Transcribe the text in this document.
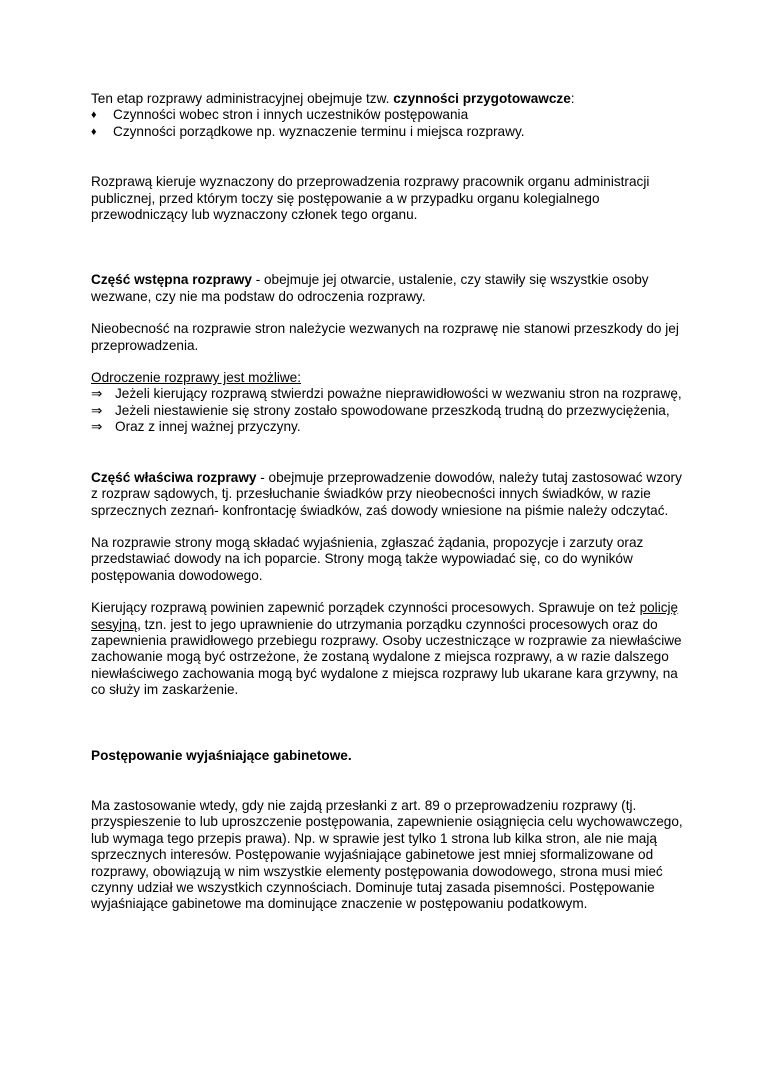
Ten etap rozprawy administracyjnej obejmuje tzw. czynności przygotowawcze:

♦	Czynności wobec stron i innych uczestników postępowania
♦	Czynności porządkowe np. wyznaczenie terminu i miejsca rozprawy.

Rozprawą kieruje wyznaczony do przeprowadzenia rozprawy pracownik organu administracji publicznej, przed którym toczy się postępowanie a w przypadku organu kolegialnego przewodniczący lub wyznaczony członek tego organu.

Część wstępna rozprawy - obejmuje jej otwarcie, ustalenie, czy stawiły się wszystkie osoby wezwane, czy nie ma podstaw do odroczenia rozprawy.

Nieobecność na rozprawie stron należycie wezwanych na rozprawę nie stanowi przeszkody do jej przeprowadzenia.

Odroczenie rozprawy jest możliwe:

⇒ Jeżeli kierujący rozprawą stwierdzi poważne nieprawidłowości w wezwaniu stron na rozprawę,

⇒ Jeżeli niestawienie się strony zostało spowodowane przeszkodą trudną do przezwyciężenia,

⇒ Oraz z innej ważnej przyczyny.

Część właściwa rozprawy - obejmuje przeprowadzenie dowodów, należy tutaj zastosować wzory z rozpraw sądowych, tj. przesłuchanie świadków przy nieobecności innych świadków, w razie sprzecznych zeznań- konfrontację świadków, zaś dowody wniesione na piśmie należy odczytać.

Na rozprawie strony mogą składać wyjaśnienia, zgłaszać żądania, propozycje i zarzuty oraz przedstawiać dowody na ich poparcie. Strony mogą także wypowiadać się, co do wyników postępowania dowodowego.

Kierujący rozprawą powinien zapewnić porządek czynności procesowych. Sprawuje on też policję sesyjną, tzn. jest to jego uprawnienie do utrzymania porządku czynności procesowych oraz do zapewnienia prawidłowego przebiegu rozprawy. Osoby uczestniczące w rozprawie za niewłaściwe zachowanie mogą być ostrzeżone, że zostaną wydalone z miejsca rozprawy, a w razie dalszego niewłaściwego zachowania mogą być wydalone z miejsca rozprawy lub ukarane kara grzywny, na co służy im zaskarżenie.

Postępowanie wyjaśniające gabinetowe.

Ma zastosowanie wtedy, gdy nie zajdą przesłanki z art. 89 o przeprowadzeniu rozprawy (tj. przyspieszenie to lub uproszczenie postępowania, zapewnienie osiągnięcia celu wychowawczego, lub wymaga tego przepis prawa). Np. w sprawie jest tylko 1 strona lub kilka stron, ale nie mają sprzecznych interesów. Postępowanie wyjaśniające gabinetowe jest mniej sformalizowane od rozprawy, obowiązują w nim wszystkie elementy postępowania dowodowego, strona musi mieć czynny udział we wszystkich czynnościach. Dominuje tutaj zasada pisemności. Postępowanie wyjaśniające gabinetowe ma dominujące znaczenie w postępowaniu podatkowym.
